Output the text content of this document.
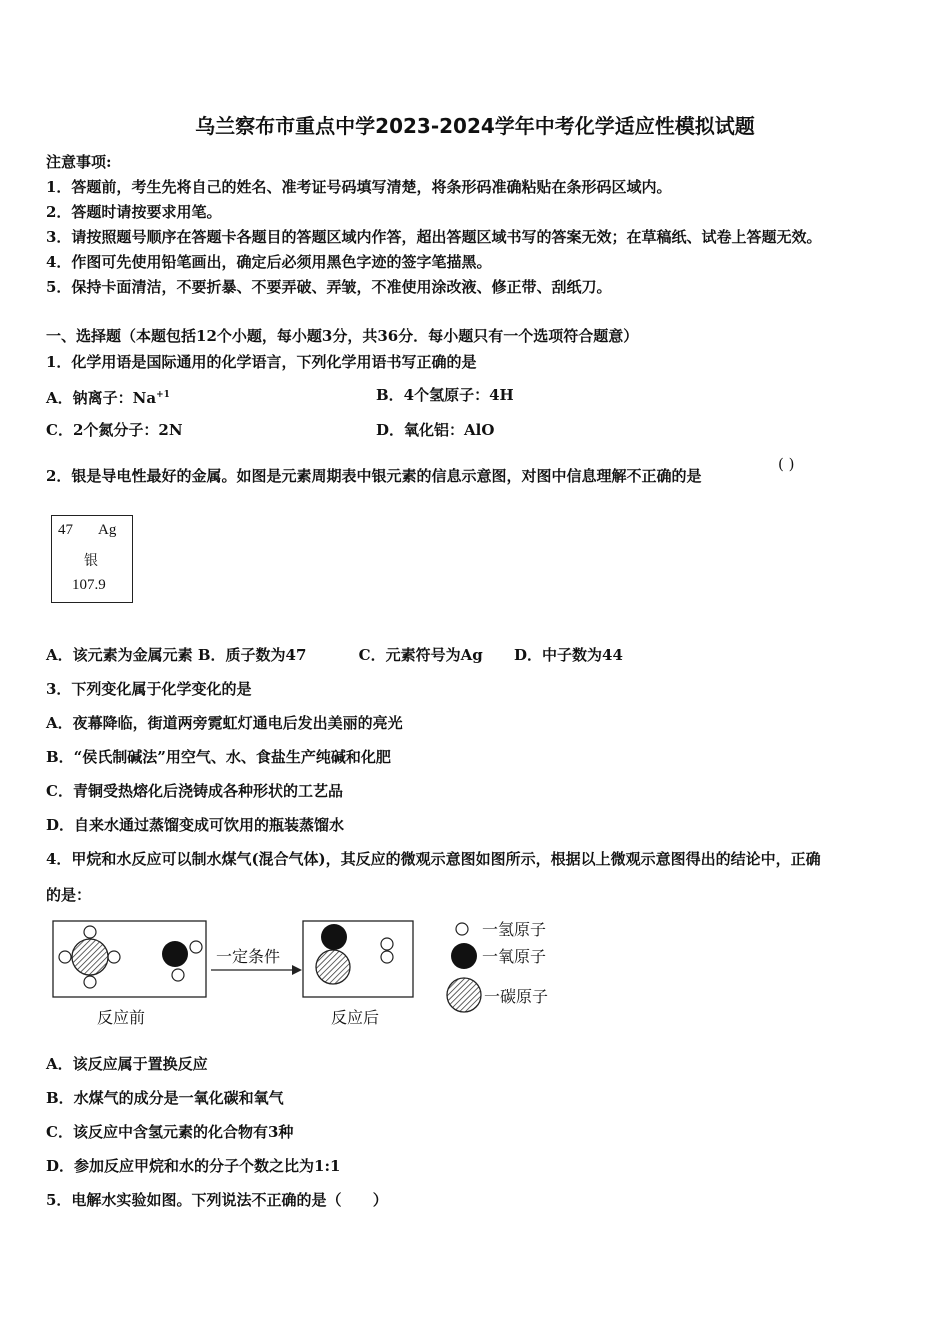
乌兰察布市重点中学2023-2024学年中考化学适应性模拟试题
注意事项:
1．答题前，考生先将自己的姓名、准考证号码填写清楚，将条形码准确粘贴在条形码区域内。
2．答题时请按要求用笔。
3．请按照题号顺序在答题卡各题目的答题区域内作答，超出答题区域书写的答案无效；在草稿纸、试卷上答题无效。
4．作图可先使用铅笔画出，确定后必须用黑色字迹的签字笔描黑。
5．保持卡面清洁，不要折暴、不要弄破、弄皱，不准使用涂改液、修正带、刮纸刀。
一、选择题（本题包括12个小题，每小题3分，共36分．每小题只有一个选项符合题意）
1．化学用语是国际通用的化学语言，下列化学用语书写正确的是
A．钠离子：$Na^{+1}$	B．4个氢原子：4H
C．2个氮分子：2N	D．氧化铝：AlO
2．银是导电性最好的金属。如图是元素周期表中银元素的信息示意图，对图中信息理解不正确的是
( )
47 Ag
银
107.9
A．该元素为金属元素 B．质子数为47          C．元素符号为Ag      D．中子数为44
3．下列变化属于化学变化的是
A．夜幕降临，街道两旁霓虹灯通电后发出美丽的亮光
B．“侯氏制碱法”用空气、水、食盐生产纯碱和化肥
C．青铜受热熔化后浇铸成各种形状的工艺品
D．自来水通过蒸馏变成可饮用的瓶装蒸馏水
4．甲烷和水反应可以制水煤气(混合气体)，其反应的微观示意图如图所示，根据以上微观示意图得出的结论中，正确
的是：
一定条件
反应前	反应后
一氢原子
一氧原子
一碳原子
A．该反应属于置换反应
B．水煤气的成分是一氧化碳和氧气
C．该反应中含氢元素的化合物有3种
D．参加反应甲烷和水的分子个数之比为1:1
5．电解水实验如图。下列说法不正确的是（      ）
